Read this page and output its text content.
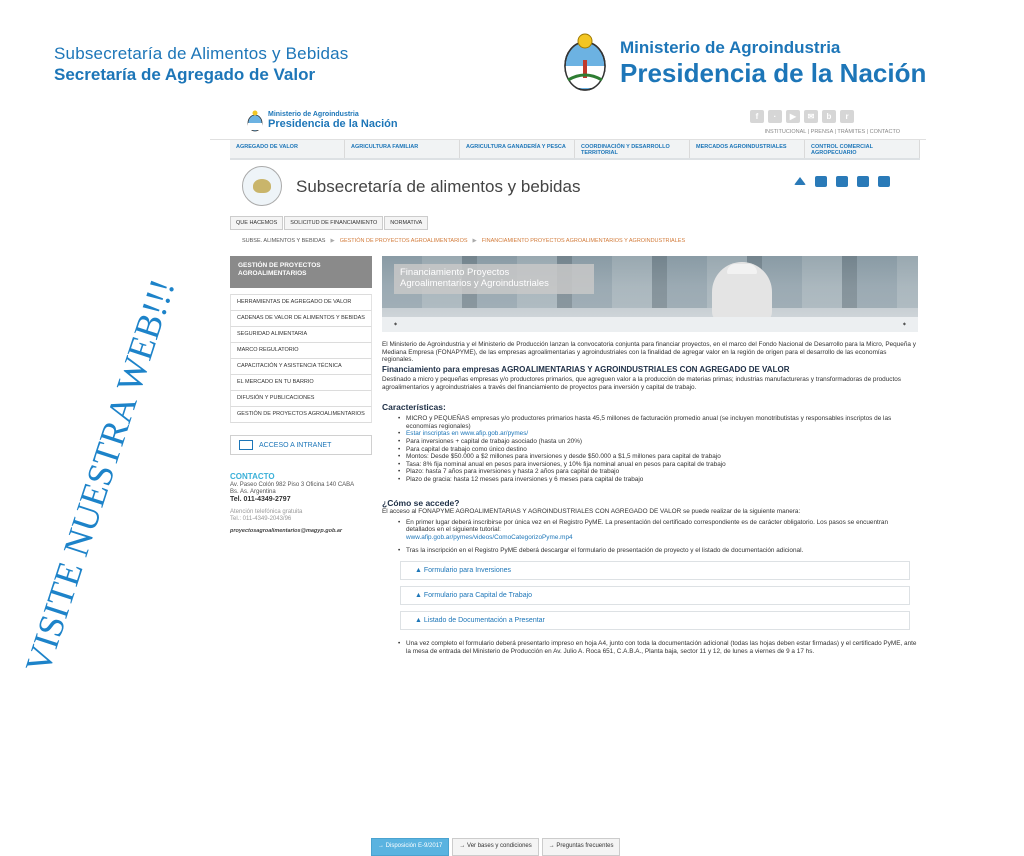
Subsecretaría de Alimentos y Bebidas
Secretaría de Agregado de Valor
Ministerio de Agroindustria
Presidencia de la Nación
VISITE NUESTRA WEB!!!
Ministerio de Agroindustria
Presidencia de la Nación
f	·	▶	✉	b	r
INSTITUCIONAL | PRENSA | TRÁMITES | CONTACTO
AGREGADO DE VALOR	AGRICULTURA FAMILIAR	AGRICULTURA GANADERÍA Y PESCA	COORDINACIÓN Y DESARROLLO TERRITORIAL
MERCADOS AGROINDUSTRIALES	CONTROL COMERCIAL AGROPECUARIO
Subsecretaría de alimentos y bebidas
QUE HACEMOS	SOLICITUD DE FINANCIAMIENTO	NORMATIVA
SUBSE. ALIMENTOS Y BEBIDAS ▶ GESTIÓN DE PROYECTOS AGROALIMENTARIOS ▶ FINANCIAMIENTO PROYECTOS AGROALIMENTARIOS Y AGROINDUSTRIALES
GESTIÓN DE PROYECTOS AGROALIMENTARIOS
HERRAMIENTAS DE AGREGADO DE VALOR
CADENAS DE VALOR DE ALIMENTOS Y BEBIDAS
SEGURIDAD ALIMENTARIA
MARCO REGULATORIO
CAPACITACIÓN Y ASISTENCIA TÉCNICA
EL MERCADO EN TU BARRIO
DIFUSIÓN Y PUBLICACIONES
GESTIÓN DE PROYECTOS AGROALIMENTARIOS
ACCESO A INTRANET
CONTACTO
Av. Paseo Colón 982 Piso 3 Oficina 140 CABA
Bs. As. Argentina
Tel. 011-4349-2797
Atención telefónica gratuita
Tel.: 011-4349-2043/96
proyectosagroalimentarios@magyp.gob.ar
Financiamiento Proyectos
Agroalimentarios y Agroindustriales
◆	◆
El Ministerio de Agroindustria y el Ministerio de Producción lanzan la convocatoria conjunta para financiar proyectos, en el marco del Fondo Nacional de Desarrollo para la Micro, Pequeña y Mediana Empresa (FONAPYME), de las empresas agroalimentarias y agroindustriales con la finalidad de agregar valor en la región de origen para el desarrollo de las economías regionales.
Financiamiento para empresas AGROALIMENTARIAS Y AGROINDUSTRIALES CON AGREGADO DE VALOR
Destinado a micro y pequeñas empresas y/o productores primarios, que agreguen valor a la producción de materias primas; industrias manufactureras y transformadoras de productos agroalimentarios y agroindustriales a través del financiamiento de proyectos para inversión y capital de trabajo.
Características:
• MICRO y PEQUEÑAS empresas y/o productores primarios hasta 45,5 millones de facturación promedio anual (se incluyen monotributistas y responsables inscriptos de las economías regionales)
• Estar inscriptas en www.afip.gob.ar/pymes/
• Para inversiones + capital de trabajo asociado (hasta un 20%)
• Para capital de trabajo como único destino
• Montos: Desde $50.000 a $2 millones para inversiones y desde $50.000 a $1,5 millones para capital de trabajo
• Tasa: 8% fija nominal anual en pesos para inversiones, y 10% fija nominal anual en pesos para capital de trabajo
• Plazo: hasta 7 años para inversiones y hasta 2 años para capital de trabajo
• Plazo de gracia: hasta 12 meses para inversiones y 6 meses para capital de trabajo
¿Cómo se accede?
El acceso al FONAPYME AGROALIMENTARIAS Y AGROINDUSTRIALES CON AGREGADO DE VALOR se puede realizar de la siguiente manera:
• En primer lugar deberá inscribirse por única vez en el Registro PyME. La presentación del certificado correspondiente es de carácter obligatorio. Los pasos se encuentran detallados en el siguiente tutorial:
www.afip.gob.ar/pymes/videos/ComoCategorizoPyme.mp4
• Tras la inscripción en el Registro PyME deberá descargar el formulario de presentación de proyecto y el listado de documentación adicional.
▲ Formulario para Inversiones
▲ Formulario para Capital de Trabajo
▲ Listado de Documentación a Presentar
• Una vez completo el formulario deberá presentarlo impreso en hoja A4, junto con toda la documentación adicional (todas las hojas deben estar firmadas) y el certificado PyME, ante la mesa de entrada del Ministerio de Producción en Av. Julio A. Roca 651, C.A.B.A., Planta baja, sector 11 y 12, de lunes a viernes de 9 a 17 hs.
→ Disposición E-9/2017	→ Ver bases y condiciones	→ Preguntas frecuentes
